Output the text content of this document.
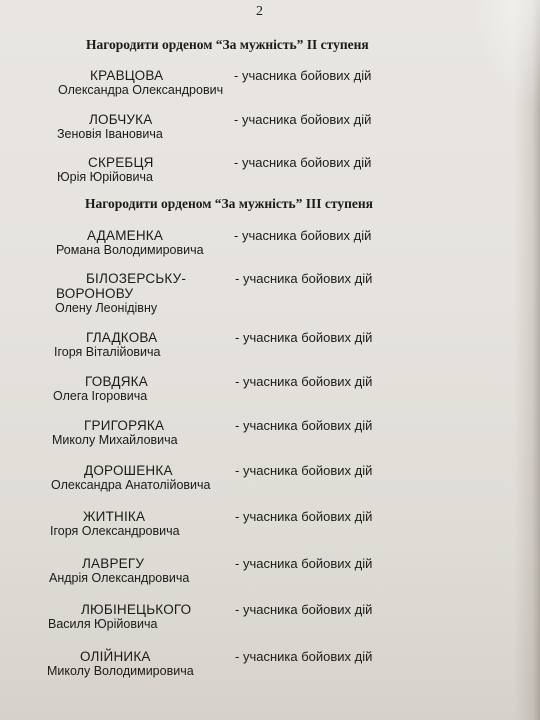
2
Нагородити орденом “За мужність” ІІ ступеня
КРАВЦОВА
Олександра Олександрович
- учасника бойових дій
ЛОБЧУКА
Зеновія Івановича
- учасника бойових дій
СКРЕБЦЯ
Юрія Юрійовича
- учасника бойових дій
Нагородити орденом “За мужність” ІІІ ступеня
АДАМЕНКА
Романа Володимировича
- учасника бойових дій
БІЛОЗЕРСЬКУ-
ВОРОНОВУ
Олену Леонідівну
- учасника бойових дій
ГЛАДКОВА
Ігоря Віталійовича
- учасника бойових дій
ГОВДЯКА
Олега Ігоровича
- учасника бойових дій
ГРИГОРЯКА
Миколу Михайловича
- учасника бойових дій
ДОРОШЕНКА
Олександра Анатолійовича
- учасника бойових дій
ЖИТНІКА
Ігоря Олександровича
- учасника бойових дій
ЛАВРЕГУ
Андрія Олександровича
- учасника бойових дій
ЛЮБІНЕЦЬКОГО
Василя Юрійовича
- учасника бойових дій
ОЛІЙНИКА
Миколу Володимировича
- учасника бойових дій
